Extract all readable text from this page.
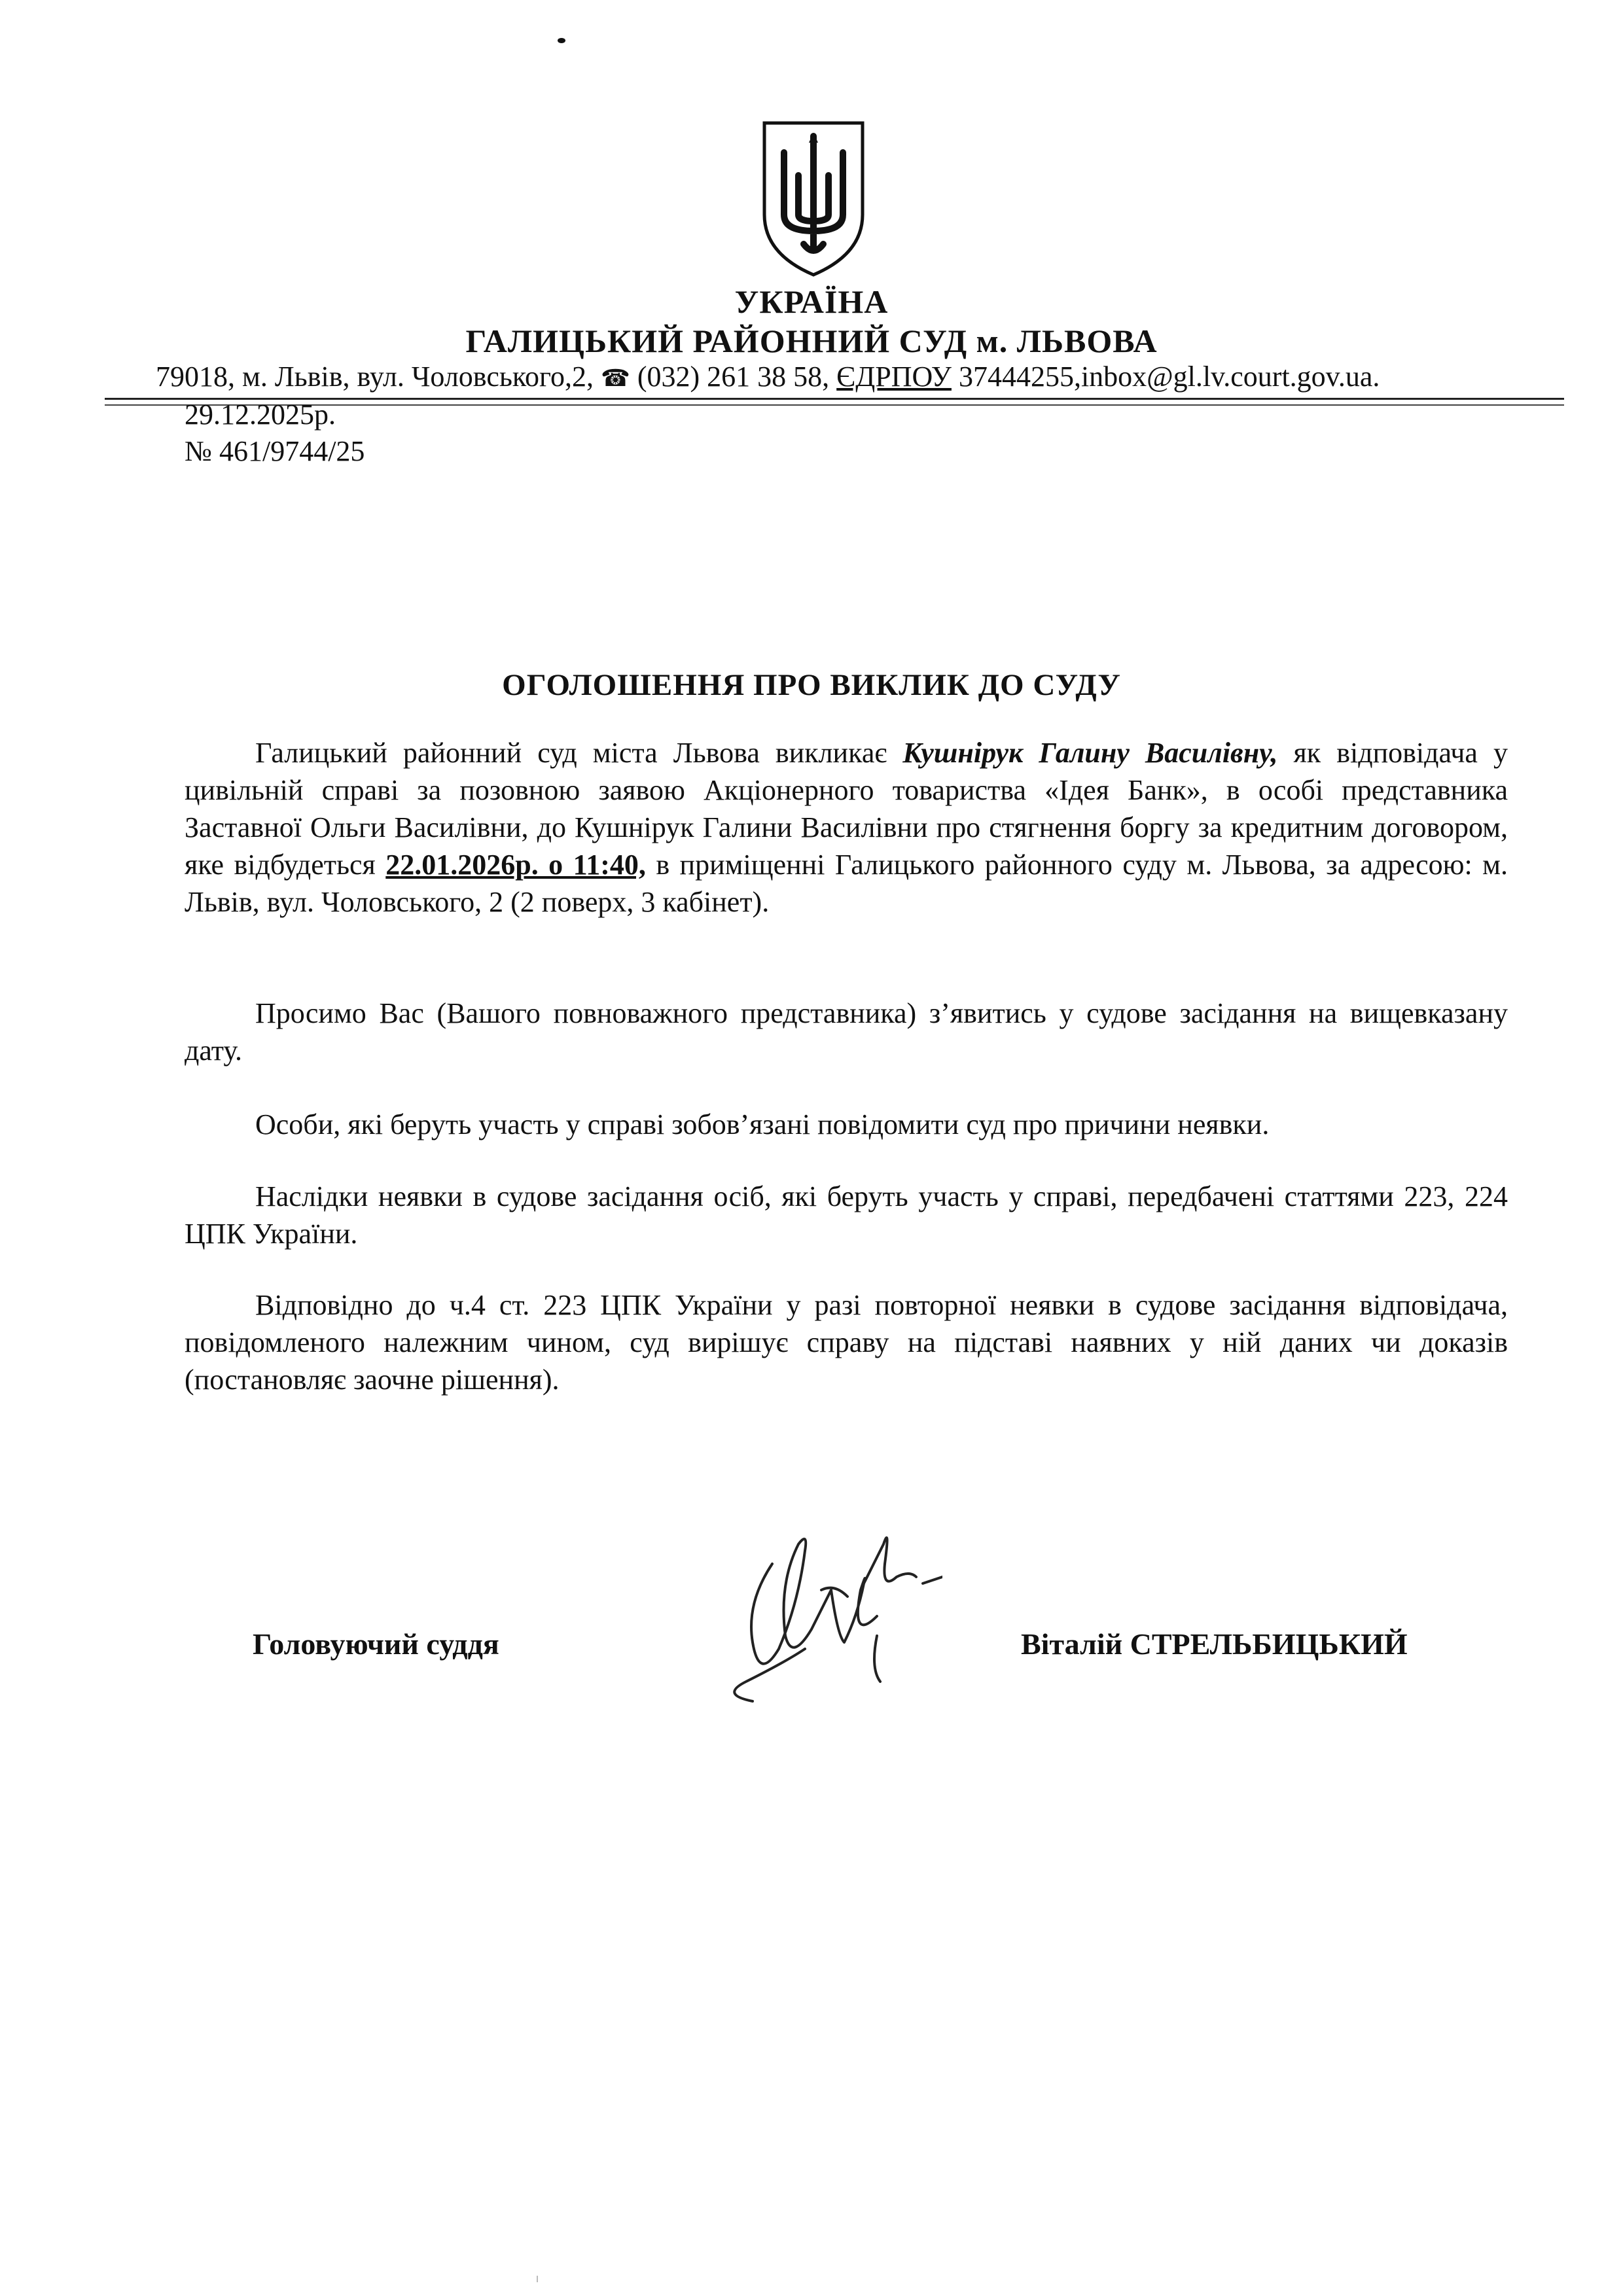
УКРАЇНА
ГАЛИЦЬКИЙ РАЙОННИЙ СУД м. ЛЬВОВА
79018, м. Львів, вул. Чоловського,2, ☎ (032) 261 38 58, ЄДРПОУ 37444255,inbox@gl.lv.court.gov.ua.
29.12.2025р.
№ 461/9744/25
ОГОЛОШЕННЯ ПРО ВИКЛИК ДО СУДУ
Галицький районний суд міста Львова викликає Кушнірук Галину Василівну, як відповідача у цивільній справі за позовною заявою Акціонерного товариства «Ідея Банк», в особі представника Заставної Ольги Василівни, до Кушнірук Галини Василівни про стягнення боргу за кредитним договором, яке відбудеться 22.01.2026р. о 11:40, в приміщенні Галицького районного суду м. Львова, за адресою: м. Львів, вул. Чоловського, 2 (2 поверх, 3 кабінет).
Просимо Вас (Вашого повноважного представника) з’явитись у судове засідання на вищевказану дату.
Особи, які беруть участь у справі зобов’язані повідомити суд про причини неявки.
Наслідки неявки в судове засідання осіб, які беруть участь у справі, передбачені статтями 223, 224 ЦПК України.
Відповідно до ч.4 ст. 223 ЦПК України у разі повторної неявки в судове засідання відповідача, повідомленого належним чином, суд вирішує справу на підставі наявних у ній даних чи доказів (постановляє заочне рішення).
Головуючий суддя	Віталій СТРЕЛЬБИЦЬКИЙ
